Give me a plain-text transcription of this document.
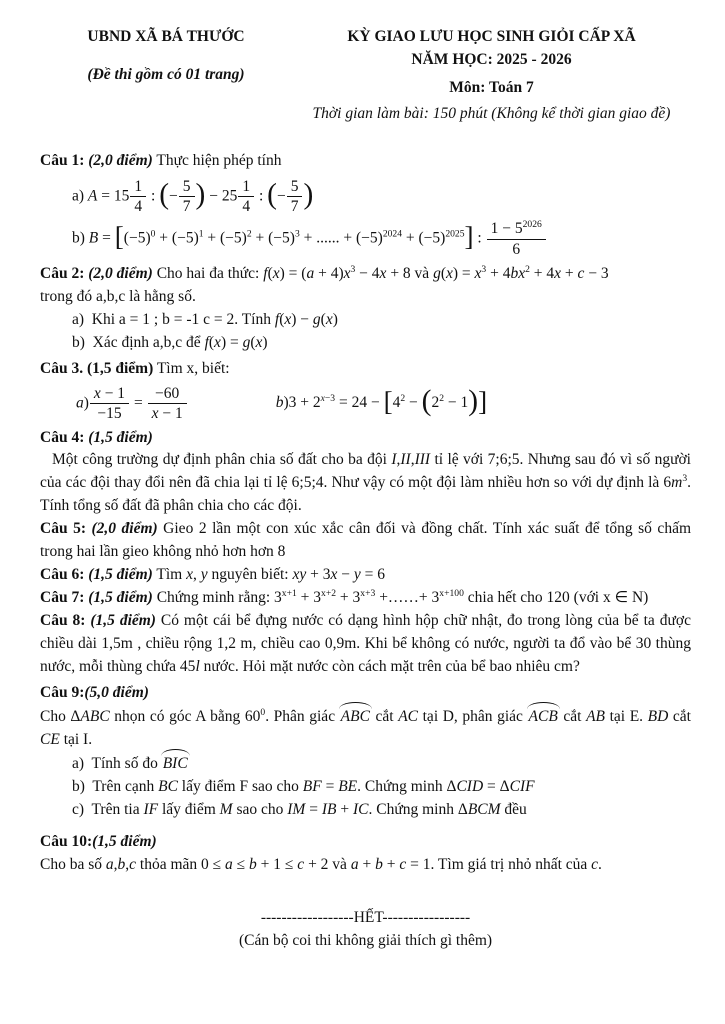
UBND XÃ BÁ THƯỚC
(Đề thi gồm có 01 trang)
KỲ GIAO LƯU HỌC SINH GIỎI CẤP XÃ
NĂM HỌC: 2025 - 2026
Môn: Toán 7
Thời gian làm bài: 150 phút (Không kể thời gian giao đề)
Câu 1: (2,0 điểm) Thực hiện phép tính
a) $A = 15 \frac{1}{4}$ : (− $\frac{5}{7}$ ) − $25 \frac{1}{4}$ : (− $\frac{5}{7}$ )
b) $B = [(-5)^0 + (-5)^1 + (-5)^2 + (-5)^3$ + ...... + $(-5)^{2024} + (-5)^{2025}$] : $\frac{1 - 5^{2026}}{6}$
Câu 2: (2,0 điểm) Cho hai đa thức: $f(x) = (a + 4)x^3 - 4x + 8$ và $g(x) = x^3 + 4bx^2 + 4x + c - 3$
trong đó a,b,c là hằng số.
a)  Khi a = 1 ; b = -1 c = 2. Tính f(x) − g(x)
b)  Xác định a,b,c để f(x) = g(x)
Câu 3. (1,5 điểm) Tìm x, biết:
$a) \frac{x - 1}{-15} = \frac{-60}{x - 1}$	$b)3 + 2^{x-3} = 24 - [4^2 - (2^2 - 1)]$
Câu 4: (1,5 điểm)
Một công trường dự định phân chia số đất cho ba đội I,II,III tỉ lệ với 7;6;5. Nhưng sau đó vì số người của các đội thay đổi nên đã chia lại tỉ lệ 6;5;4. Như vậy có một đội làm nhiều hơn so với dự định là $6m^3$. Tính tổng số đất đã phân chia cho các đội.
Câu 5: (2,0 điểm) Gieo 2 lần một con xúc xắc cân đối và đồng chất. Tính xác suất để tổng số chấm trong hai lần gieo không nhỏ hơn hơn 8
Câu 6: (1,5 điểm) Tìm x, y nguyên biết: xy + 3x − y = 6
Câu 7: (1,5 điểm) Chứng minh rằng: $3^{x+1} + 3^{x+2} + 3^{x+3}$ +……+ $3^{x+100}$ chia hết cho 120 (với x ∈ N)
Câu 8: (1,5 điểm) Có một cái bể đựng nước có dạng hình hộp chữ nhật, đo trong lòng của bể ta được chiều dài 1,5m , chiều rộng 1,2 m, chiều cao 0,9m. Khi bể không có nước, người ta đổ vào bể 30 thùng nước, mỗi thùng chứa 45l nước. Hỏi mặt nước còn cách mặt trên của bể bao nhiêu cm?
Câu 9:(5,0 điểm)
Cho ΔABC nhọn có góc A bằng $60^0$. Phân giác ABC cắt AC tại D, phân giác ACB cắt AB tại E. BD cắt CE tại I.
a)  Tính số đo BIC
b)  Trên cạnh BC lấy điểm F sao cho BF = BE. Chứng minh ΔCID = ΔCIF
c)  Trên tia IF lấy điểm M sao cho IM = IB + IC. Chứng minh ΔBCM đều
Câu 10:(1,5 điểm)
Cho ba số a,b,c thỏa mãn 0 ≤ a ≤ b + 1 ≤ c + 2 và a + b + c = 1. Tìm giá trị nhỏ nhất của c.
------------------HẾT-----------------
(Cán bộ coi thi không giải thích gì thêm)
